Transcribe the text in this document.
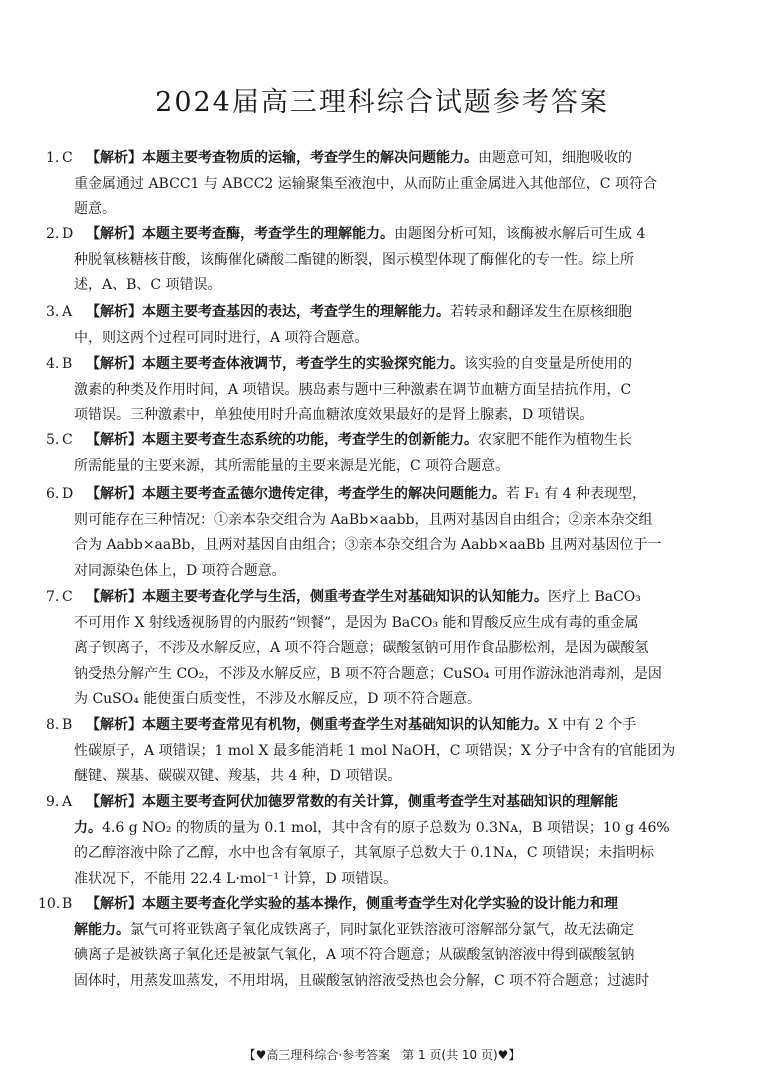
2024届高三理科综合试题参考答案
1. C 【解析】本题主要考查物质的运输，考查学生的解决问题能力。由题意可知，细胞吸收的
重金属通过 ABCC1 与 ABCC2 运输聚集至液泡中，从而防止重金属进入其他部位，C 项符合
题意。
2. D 【解析】本题主要考查酶，考查学生的理解能力。由题图分析可知，该酶被水解后可生成 4
种脱氧核糖核苷酸，该酶催化磷酸二酯键的断裂，图示模型体现了酶催化的专一性。综上所
述，A、B、C 项错误。
3. A 【解析】本题主要考查基因的表达，考查学生的理解能力。若转录和翻译发生在原核细胞
中，则这两个过程可同时进行，A 项符合题意。
4. B 【解析】本题主要考查体液调节，考查学生的实验探究能力。该实验的自变量是所使用的
激素的种类及作用时间，A 项错误。胰岛素与题中三种激素在调节血糖方面呈拮抗作用，C
项错误。三种激素中，单独使用时升高血糖浓度效果最好的是肾上腺素，D 项错误。
5. C 【解析】本题主要考查生态系统的功能，考查学生的创新能力。农家肥不能作为植物生长
所需能量的主要来源，其所需能量的主要来源是光能，C 项符合题意。
6. D 【解析】本题主要考查孟德尔遗传定律，考查学生的解决问题能力。若 F₁ 有 4 种表现型，
则可能存在三种情况：①亲本杂交组合为 AaBb×aabb，且两对基因自由组合；②亲本杂交组
合为 Aabb×aaBb，且两对基因自由组合；③亲本杂交组合为 Aabb×aaBb 且两对基因位于一
对同源染色体上，D 项符合题意。
7. C 【解析】本题主要考查化学与生活，侧重考查学生对基础知识的认知能力。医疗上 BaCO₃
不可用作 X 射线透视肠胃的内服药“钡餐”，是因为 BaCO₃ 能和胃酸反应生成有毒的重金属
离子钡离子，不涉及水解反应，A 项不符合题意；碳酸氢钠可用作食品膨松剂，是因为碳酸氢
钠受热分解产生 CO₂，不涉及水解反应，B 项不符合题意；CuSO₄ 可用作游泳池消毒剂，是因
为 CuSO₄ 能使蛋白质变性，不涉及水解反应，D 项不符合题意。
8. B 【解析】本题主要考查常见有机物，侧重考查学生对基础知识的认知能力。X 中有 2 个手
性碳原子，A 项错误；1 mol X 最多能消耗 1 mol NaOH，C 项错误；X 分子中含有的官能团为
醚键、羰基、碳碳双键、羧基，共 4 种，D 项错误。
9. A 【解析】本题主要考查阿伏加德罗常数的有关计算，侧重考查学生对基础知识的理解能
力。4.6 g NO₂ 的物质的量为 0.1 mol，其中含有的原子总数为 0.3Nᴀ，B 项错误；10 g 46%
的乙醇溶液中除了乙醇，水中也含有氧原子，其氧原子总数大于 0.1Nᴀ，C 项错误；未指明标
准状况下，不能用 22.4 L·mol⁻¹ 计算，D 项错误。
10. B 【解析】本题主要考查化学实验的基本操作，侧重考查学生对化学实验的设计能力和理
解能力。氯气可将亚铁离子氧化成铁离子，同时氯化亚铁溶液可溶解部分氯气，故无法确定
碘离子是被铁离子氧化还是被氯气氧化，A 项不符合题意；从碳酸氢钠溶液中得到碳酸氢钠
固体时，用蒸发皿蒸发，不用坩埚，且碳酸氢钠溶液受热也会分解，C 项不符合题意；过滤时
【♥高三理科综合·参考答案　第 1 页(共 10 页)♥】
